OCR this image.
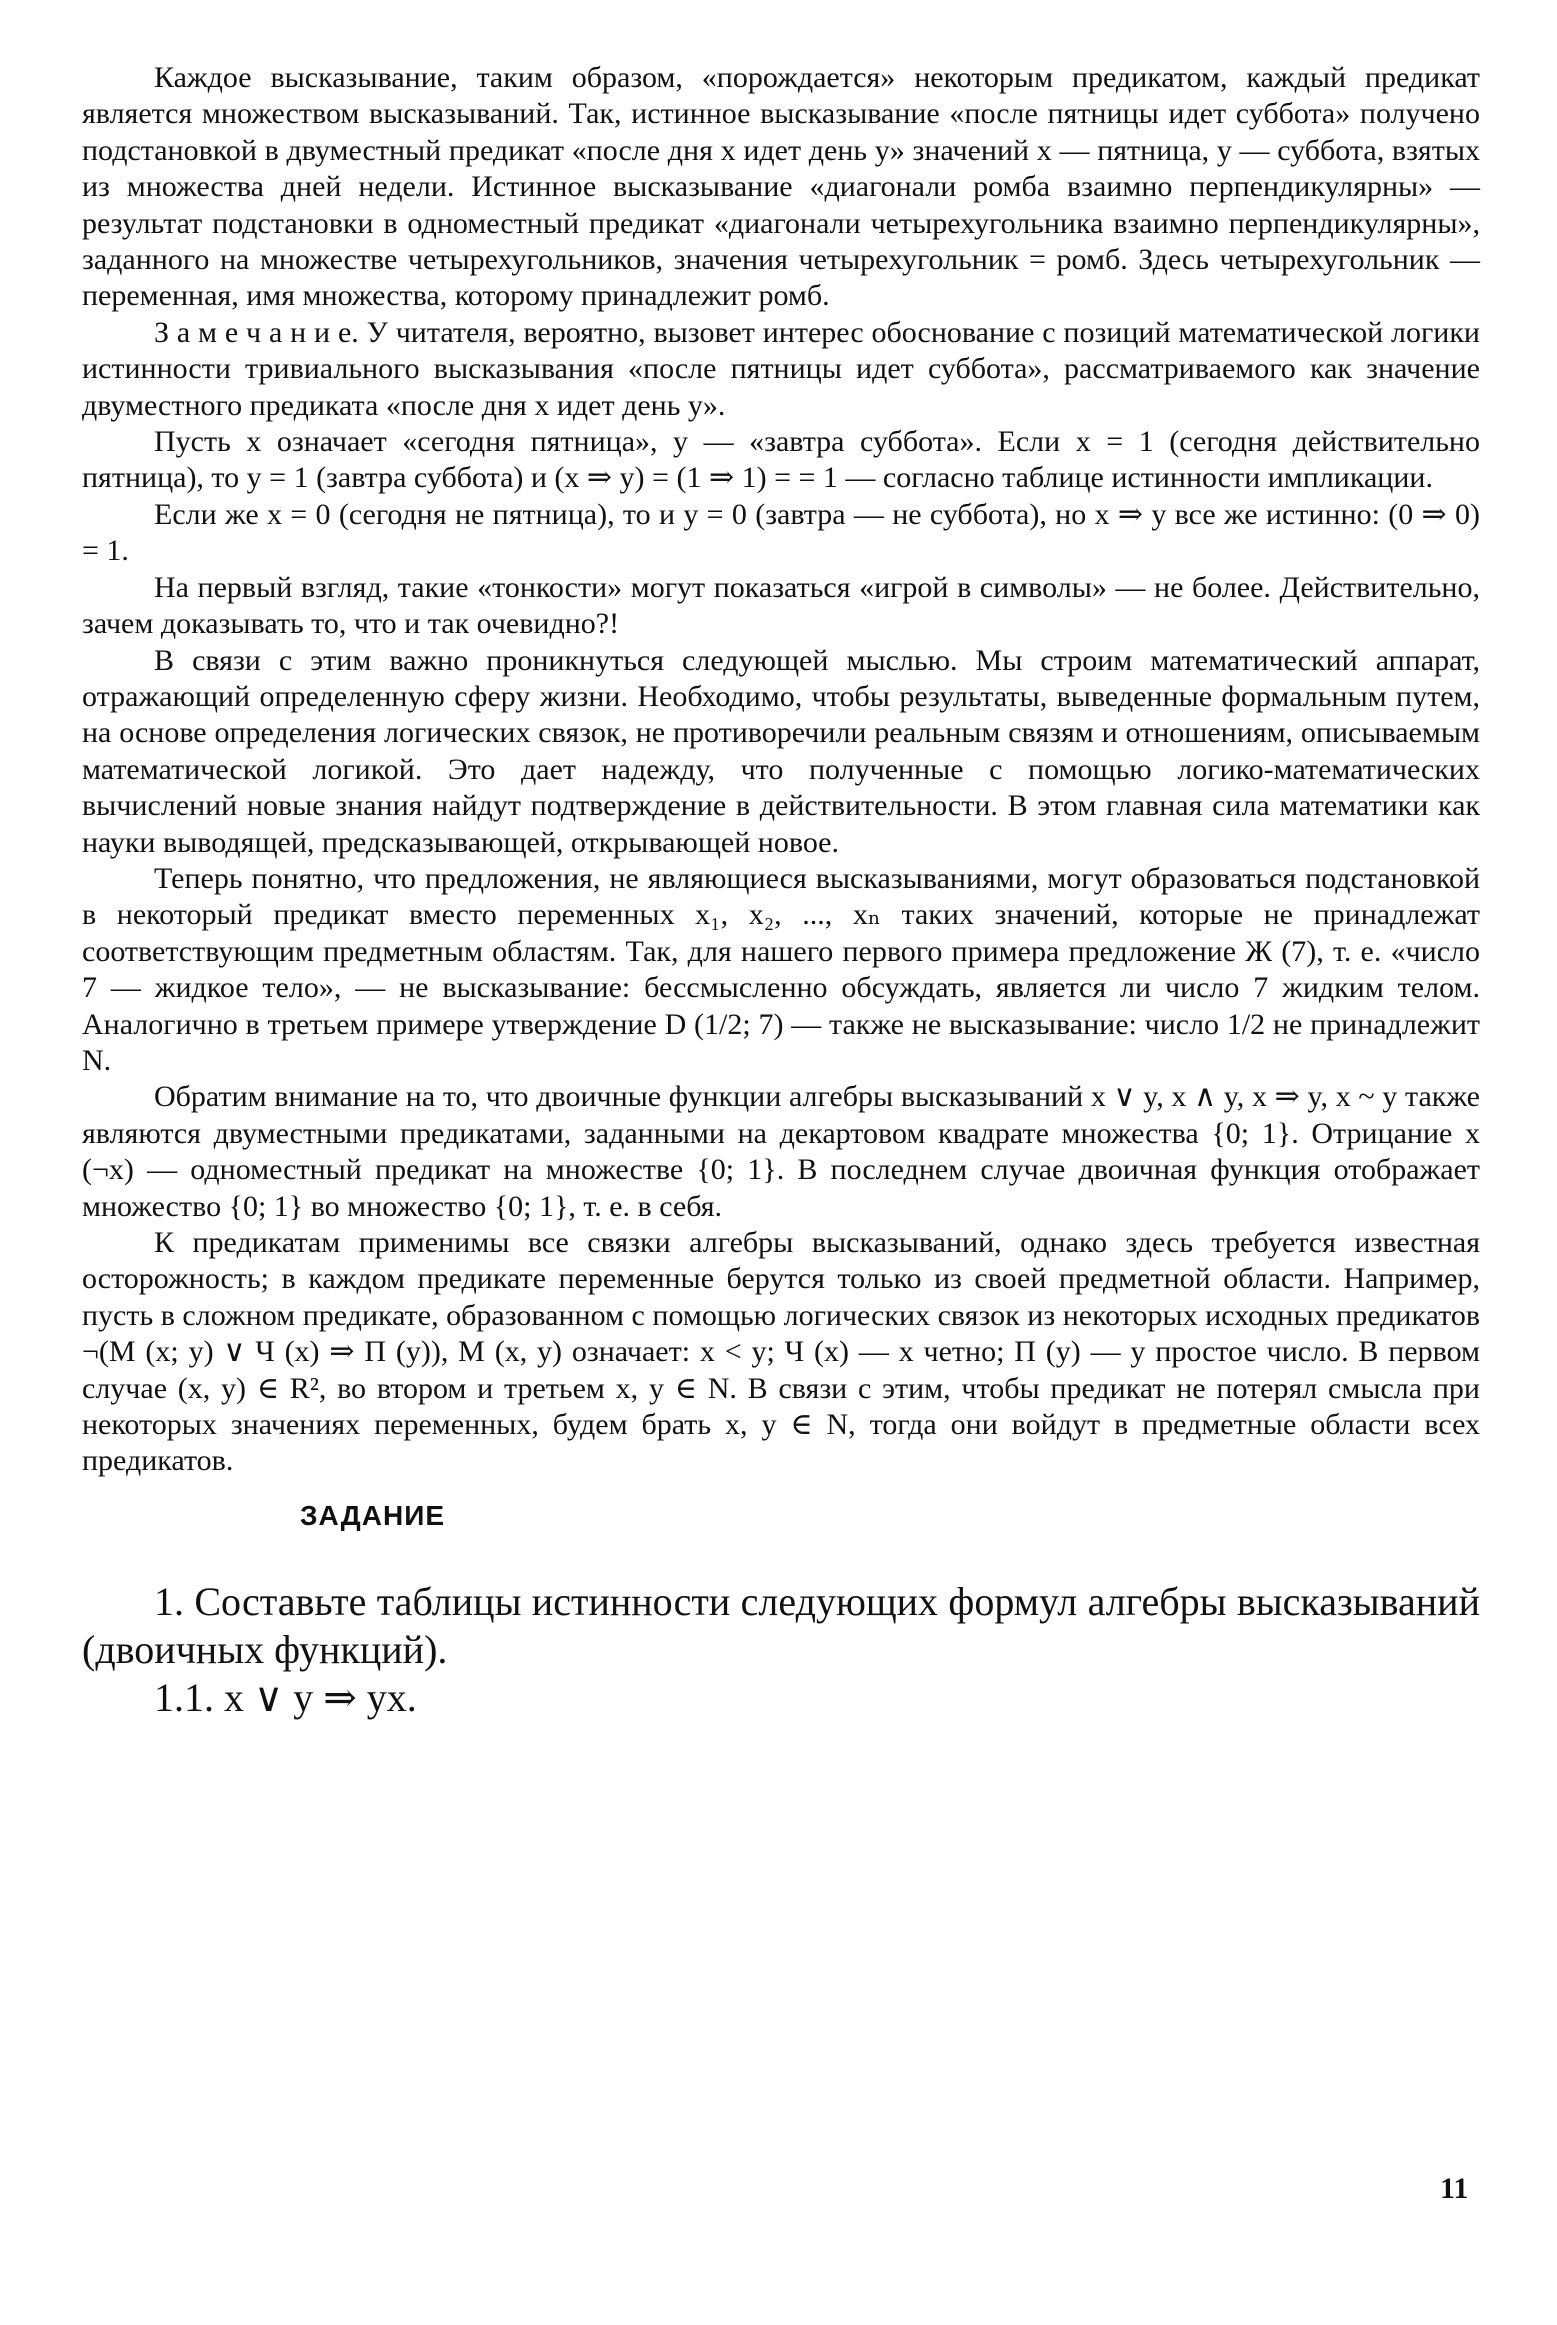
Каждое высказывание, таким образом, «порождается» некоторым предикатом, каждый предикат является множеством высказываний. Так, истинное высказывание «после пятницы идет суббота» получено подстановкой в двуместный предикат «после дня x идет день y» значений x — пятница, y — суббота, взятых из множества дней недели. Истинное высказывание «диагонали ромба взаимно перпендикулярны» — результат подстановки в одноместный предикат «диагонали четырехугольника взаимно перпендикулярны», заданного на множестве четырехугольников, значения четырехугольник = ромб. Здесь четырехугольник — переменная, имя множества, которому принадлежит ромб.

З а м е ч а н и е. У читателя, вероятно, вызовет интерес обоснование с позиций математической логики истинности тривиального высказывания «после пятницы идет суббота», рассматриваемого как значение двуместного предиката «после дня x идет день y».

Пусть x означает «сегодня пятница», y — «завтра суббота». Если x = 1 (сегодня действительно пятница), то y = 1 (завтра суббота) и (x ⇒ y) = (1 ⇒ 1) = = 1 — согласно таблице истинности импликации.

Если же x = 0 (сегодня не пятница), то и y = 0 (завтра — не суббота), но x ⇒ y все же истинно: (0 ⇒ 0) = 1.

На первый взгляд, такие «тонкости» могут показаться «игрой в символы» — не более. Действительно, зачем доказывать то, что и так очевидно?!

В связи с этим важно проникнуться следующей мыслью. Мы строим математический аппарат, отражающий определенную сферу жизни. Необходимо, чтобы результаты, выведенные формальным путем, на основе определения логических связок, не противоречили реальным связям и отношениям, описываемым математической логикой. Это дает надежду, что полученные с помощью логико-математических вычислений новые знания найдут подтверждение в действительности. В этом главная сила математики как науки выводящей, предсказывающей, открывающей новое.

Теперь понятно, что предложения, не являющиеся высказываниями, могут образоваться подстановкой в некоторый предикат вместо переменных x₁, x₂, ..., xₙ таких значений, которые не принадлежат соответствующим предметным областям. Так, для нашего первого примера предложение Ж (7), т. е. «число 7 — жидкое тело», — не высказывание: бессмысленно обсуждать, является ли число 7 жидким телом. Аналогично в третьем примере утверждение D (1/2; 7) — также не высказывание: число 1/2 не принадлежит N.

Обратим внимание на то, что двоичные функции алгебры высказываний x ∨ y, x ∧ y, x ⇒ y, x ~ y также являются двуместными предикатами, заданными на декартовом квадрате множества {0; 1}. Отрицание x (¬x) — одноместный предикат на множестве {0; 1}. В последнем случае двоичная функция отображает множество {0; 1} во множество {0; 1}, т. е. в себя.

К предикатам применимы все связки алгебры высказываний, однако здесь требуется известная осторожность; в каждом предикате переменные берутся только из своей предметной области. Например, пусть в сложном предикате, образованном с помощью логических связок из некоторых исходных предикатов ¬(М (x; y) ∨ Ч (x) ⇒ П (y)), М (x, y) означает: x < y; Ч (x) — x четно; П (y) — y простое число. В первом случае (x, y) ∈ R², во втором и третьем x, y ∈ N. В связи с этим, чтобы предикат не потерял смысла при некоторых значениях переменных, будем брать x, y ∈ N, тогда они войдут в предметные области всех предикатов.

ЗАДАНИЕ

1. Составьте таблицы истинности следующих формул алгебры высказываний (двоичных функций).

1.1. x ∨ y ⇒ yx.

11
